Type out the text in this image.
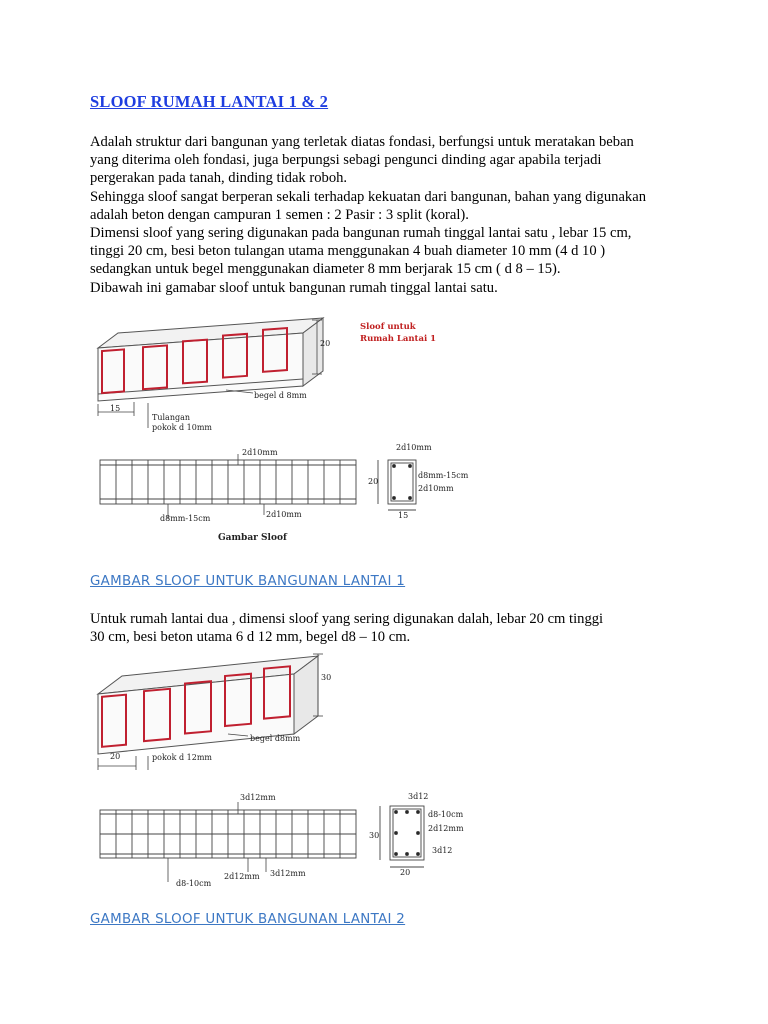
SLOOF RUMAH LANTAI 1 & 2

Adalah struktur dari bangunan yang terletak diatas fondasi, berfungsi untuk meratakan beban

yang diterima oleh fondasi, juga berpungsi sebagi pengunci dinding agar apabila terjadi

pergerakan pada tanah, dinding tidak roboh.

Sehingga sloof sangat berperan sekali terhadap kekuatan dari bangunan, bahan yang digunakan

adalah beton dengan campuran 1 semen : 2 Pasir : 3 split (koral).

Dimensi sloof yang sering digunakan pada bangunan rumah tinggal lantai satu , lebar 15 cm,

tinggi 20 cm, besi beton tulangan utama menggunakan 4 buah diameter 10 mm (4 d 10 )

sedangkan untuk begel menggunakan diameter 8 mm berjarak 15 cm ( d 8 – 15).

Dibawah ini gamabar sloof untuk bangunan rumah tinggal lantai satu.

20
15
Tulangan
pokok d 10mm
begel d 8mm
Sloof untuk
Rumah Lantai 1
2d10mm
d8mm-15cm	2d10mm
Gambar Sloof
2d10mm
d8mm-15cm
2d10mm
20
15
GAMBAR SLOOF UNTUK BANGUNAN LANTAI 1

Untuk rumah lantai dua , dimensi sloof yang sering digunakan dalah, lebar 20 cm tinggi

30 cm, besi beton utama 6 d 12 mm, begel d8 – 10 cm.

30
20	pokok d 12mm
begel d8mm
3d12mm
d8-10cm
2d12mm 3d12mm
3d12
d8-10cm
2d12mm
3d12
30
20
GAMBAR SLOOF UNTUK BANGUNAN LANTAI 2
